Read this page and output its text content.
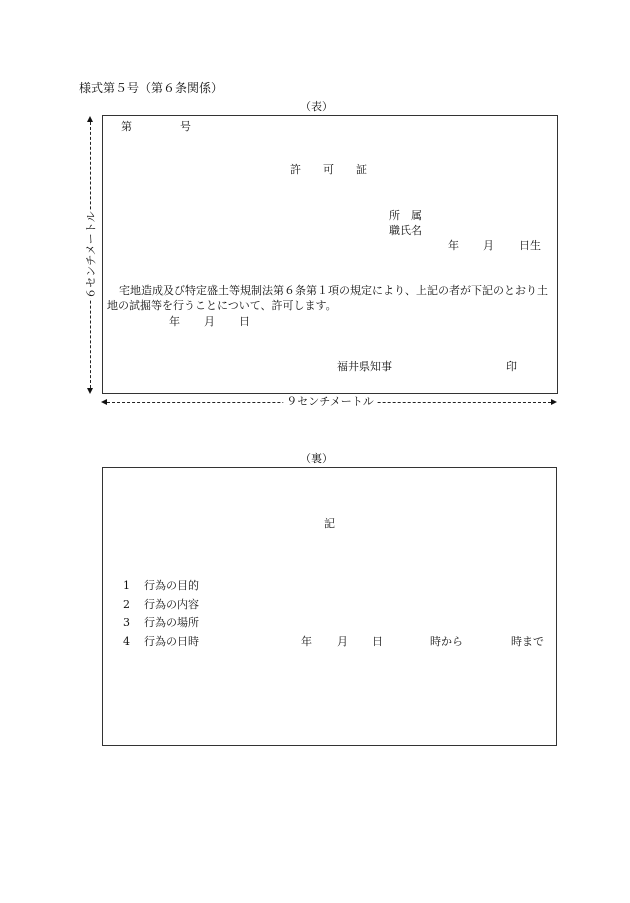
様式第５号（第６条関係）
（表）
第	号
許　　可　　証
所　属
職氏名
年 月 日生
宅地造成及び特定盛土等規制法第６条第１項の規定により、上記の者が下記のとおり土地の試掘等を行うことについて、許可します。
年 月 日
福井県知事	印
６センチメートル
９センチメートル
（裏）
記
1 行為の目的
2 行為の内容
3 行為の場所
4 行為の日時	年 月 日	時から	時まで
